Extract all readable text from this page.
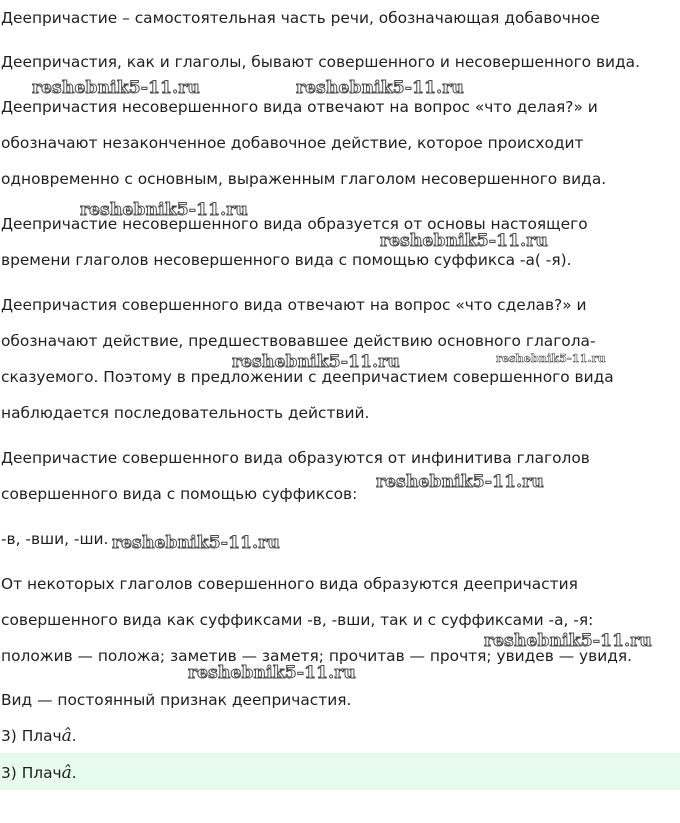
Деепричастие – самостоятельная часть речи, обозначающая добавочное
Деепричастия, как и глаголы, бывают совершенного и несовершенного вида.
Деепричастия несовершенного вида отвечают на вопрос «что делая?» и
обозначают незаконченное добавочное действие, которое происходит
одновременно с основным, выраженным глаголом несовершенного вида.
Деепричастие несовершенного вида образуется от основы настоящего
времени глаголов несовершенного вида с помощью суффикса -а( -я).
Деепричастия совершенного вида отвечают на вопрос «что сделав?» и
обозначают действие, предшествовавшее действию основного глагола-
сказуемого. Поэтому в предложении с деепричастием совершенного вида
наблюдается последовательность действий.
Деепричастие совершенного вида образуются от инфинитива глаголов
совершенного вида с помощью суффиксов:
-в, -вши, -ши.
От некоторых глаголов совершенного вида образуются деепричастия
совершенного вида как суффиксами -в, -вши, так и с суффиксами -а, -я:
положив — положа; заметив — заметя; прочитав — прочтя; увидев — увидя.
Вид — постоянный признак деепричастия.
3) Плачâ.
3) Плачâ.
reshebnik5-11.ru	reshebnik5-11.ru
reshebnik5-11.ru
reshebnik5-11.ru
reshebnik5-11.ru	reshebnik5-11.ru
reshebnik5-11.ru
reshebnik5-11.ru
reshebnik5-11.ru
reshebnik5-11.ru
